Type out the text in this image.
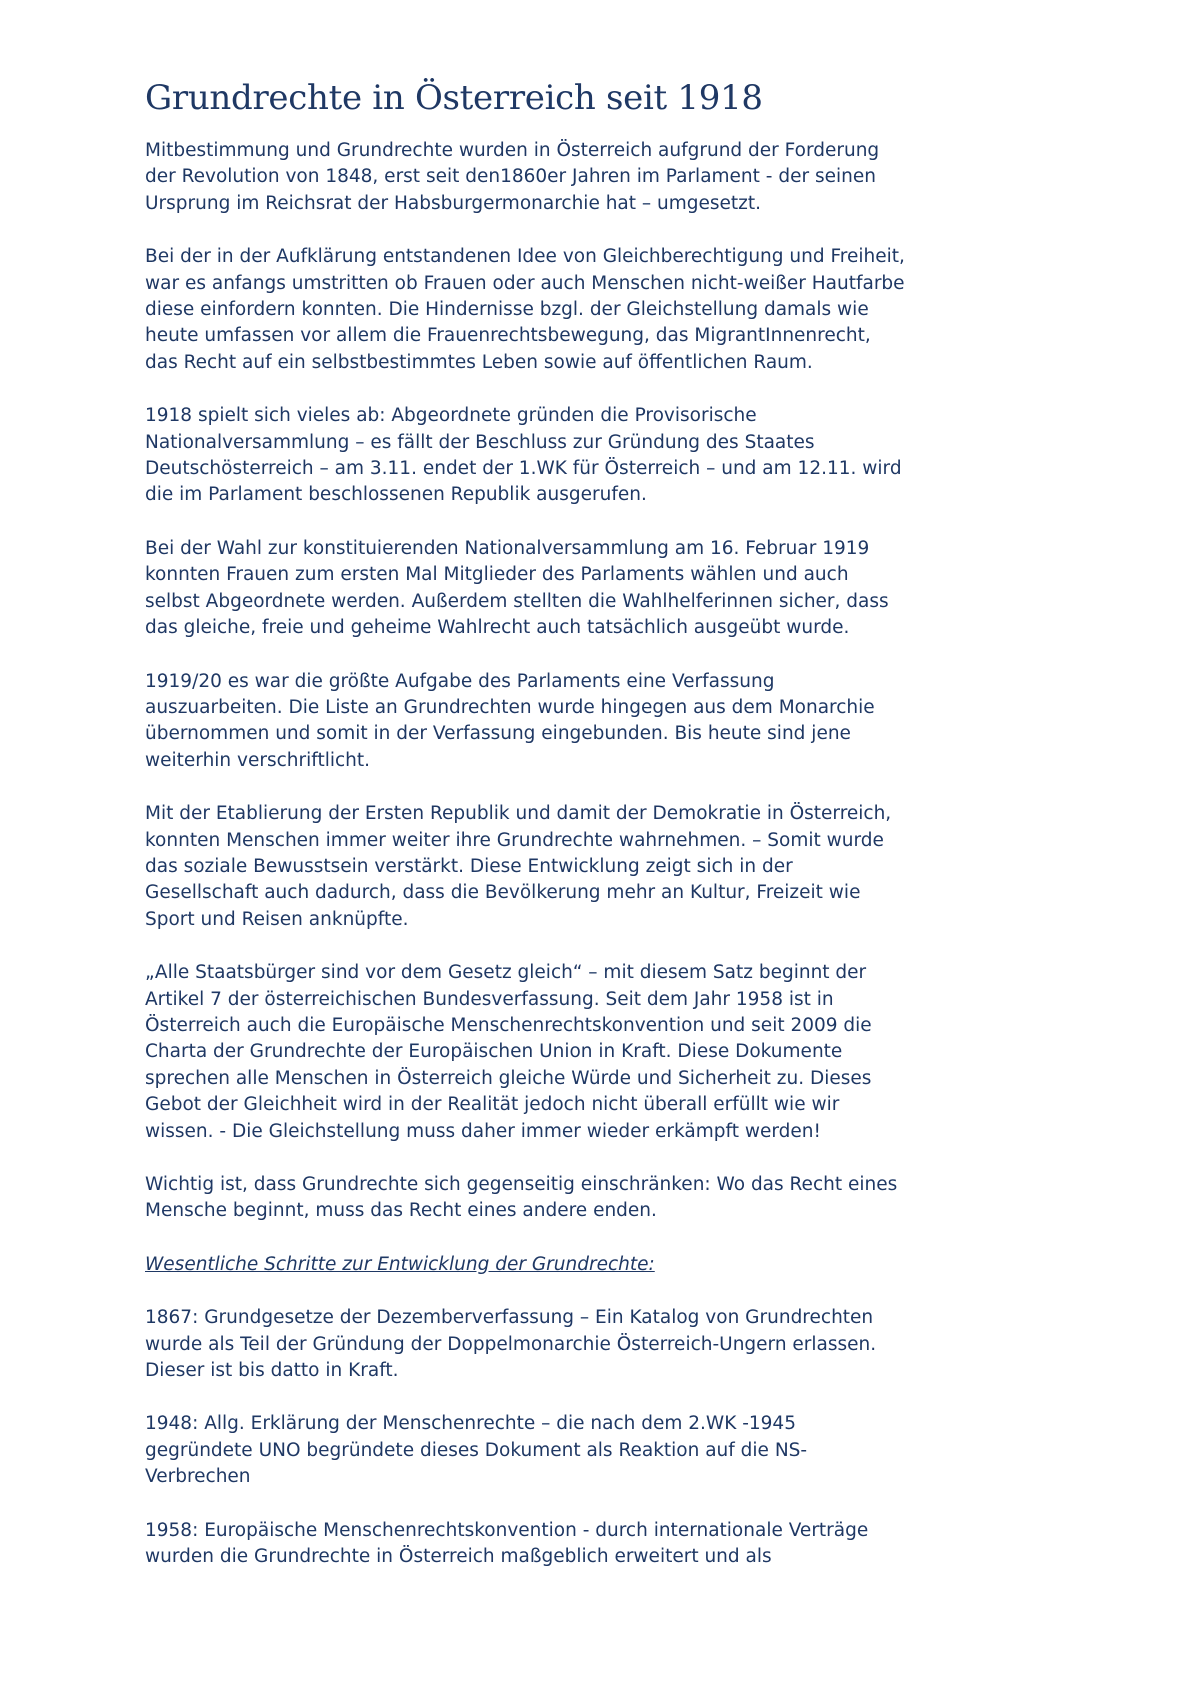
Grundrechte in Österreich seit 1918

Mitbestimmung und Grundrechte wurden in Österreich aufgrund der Forderung
der Revolution von 1848, erst seit den1860er Jahren im Parlament - der seinen
Ursprung im Reichsrat der Habsburgermonarchie hat – umgesetzt.

Bei der in der Aufklärung entstandenen Idee von Gleichberechtigung und Freiheit,
war es anfangs umstritten ob Frauen oder auch Menschen nicht-weißer Hautfarbe
diese einfordern konnten. Die Hindernisse bzgl. der Gleichstellung damals wie
heute umfassen vor allem die Frauenrechtsbewegung, das MigrantInnenrecht,
das Recht auf ein selbstbestimmtes Leben sowie auf öffentlichen Raum.

1918 spielt sich vieles ab: Abgeordnete gründen die Provisorische
Nationalversammlung – es fällt der Beschluss zur Gründung des Staates
Deutschösterreich – am 3.11. endet der 1.WK für Österreich – und am 12.11. wird
die im Parlament beschlossenen Republik ausgerufen.

Bei der Wahl zur konstituierenden Nationalversammlung am 16. Februar 1919
konnten Frauen zum ersten Mal Mitglieder des Parlaments wählen und auch
selbst Abgeordnete werden. Außerdem stellten die Wahlhelferinnen sicher, dass
das gleiche, freie und geheime Wahlrecht auch tatsächlich ausgeübt wurde.

1919/20 es war die größte Aufgabe des Parlaments eine Verfassung
auszuarbeiten. Die Liste an Grundrechten wurde hingegen aus dem Monarchie
übernommen und somit in der Verfassung eingebunden. Bis heute sind jene
weiterhin verschriftlicht.

Mit der Etablierung der Ersten Republik und damit der Demokratie in Österreich,
konnten Menschen immer weiter ihre Grundrechte wahrnehmen. – Somit wurde
das soziale Bewusstsein verstärkt. Diese Entwicklung zeigt sich in der
Gesellschaft auch dadurch, dass die Bevölkerung mehr an Kultur, Freizeit wie
Sport und Reisen anknüpfte.

„Alle Staatsbürger sind vor dem Gesetz gleich“ – mit diesem Satz beginnt der
Artikel 7 der österreichischen Bundesverfassung. Seit dem Jahr 1958 ist in
Österreich auch die Europäische Menschenrechtskonvention und seit 2009 die
Charta der Grundrechte der Europäischen Union in Kraft. Diese Dokumente
sprechen alle Menschen in Österreich gleiche Würde und Sicherheit zu. Dieses
Gebot der Gleichheit wird in der Realität jedoch nicht überall erfüllt wie wir
wissen. - Die Gleichstellung muss daher immer wieder erkämpft werden!

Wichtig ist, dass Grundrechte sich gegenseitig einschränken: Wo das Recht eines
Mensche beginnt, muss das Recht eines andere enden.

Wesentliche Schritte zur Entwicklung der Grundrechte:

1867: Grundgesetze der Dezemberverfassung – Ein Katalog von Grundrechten
wurde als Teil der Gründung der Doppelmonarchie Österreich-Ungern erlassen.
Dieser ist bis datto in Kraft.

1948: Allg. Erklärung der Menschenrechte – die nach dem 2.WK -1945
gegründete UNO begründete dieses Dokument als Reaktion auf die NS-
Verbrechen

1958: Europäische Menschenrechtskonvention - durch internationale Verträge
wurden die Grundrechte in Österreich maßgeblich erweitert und als
